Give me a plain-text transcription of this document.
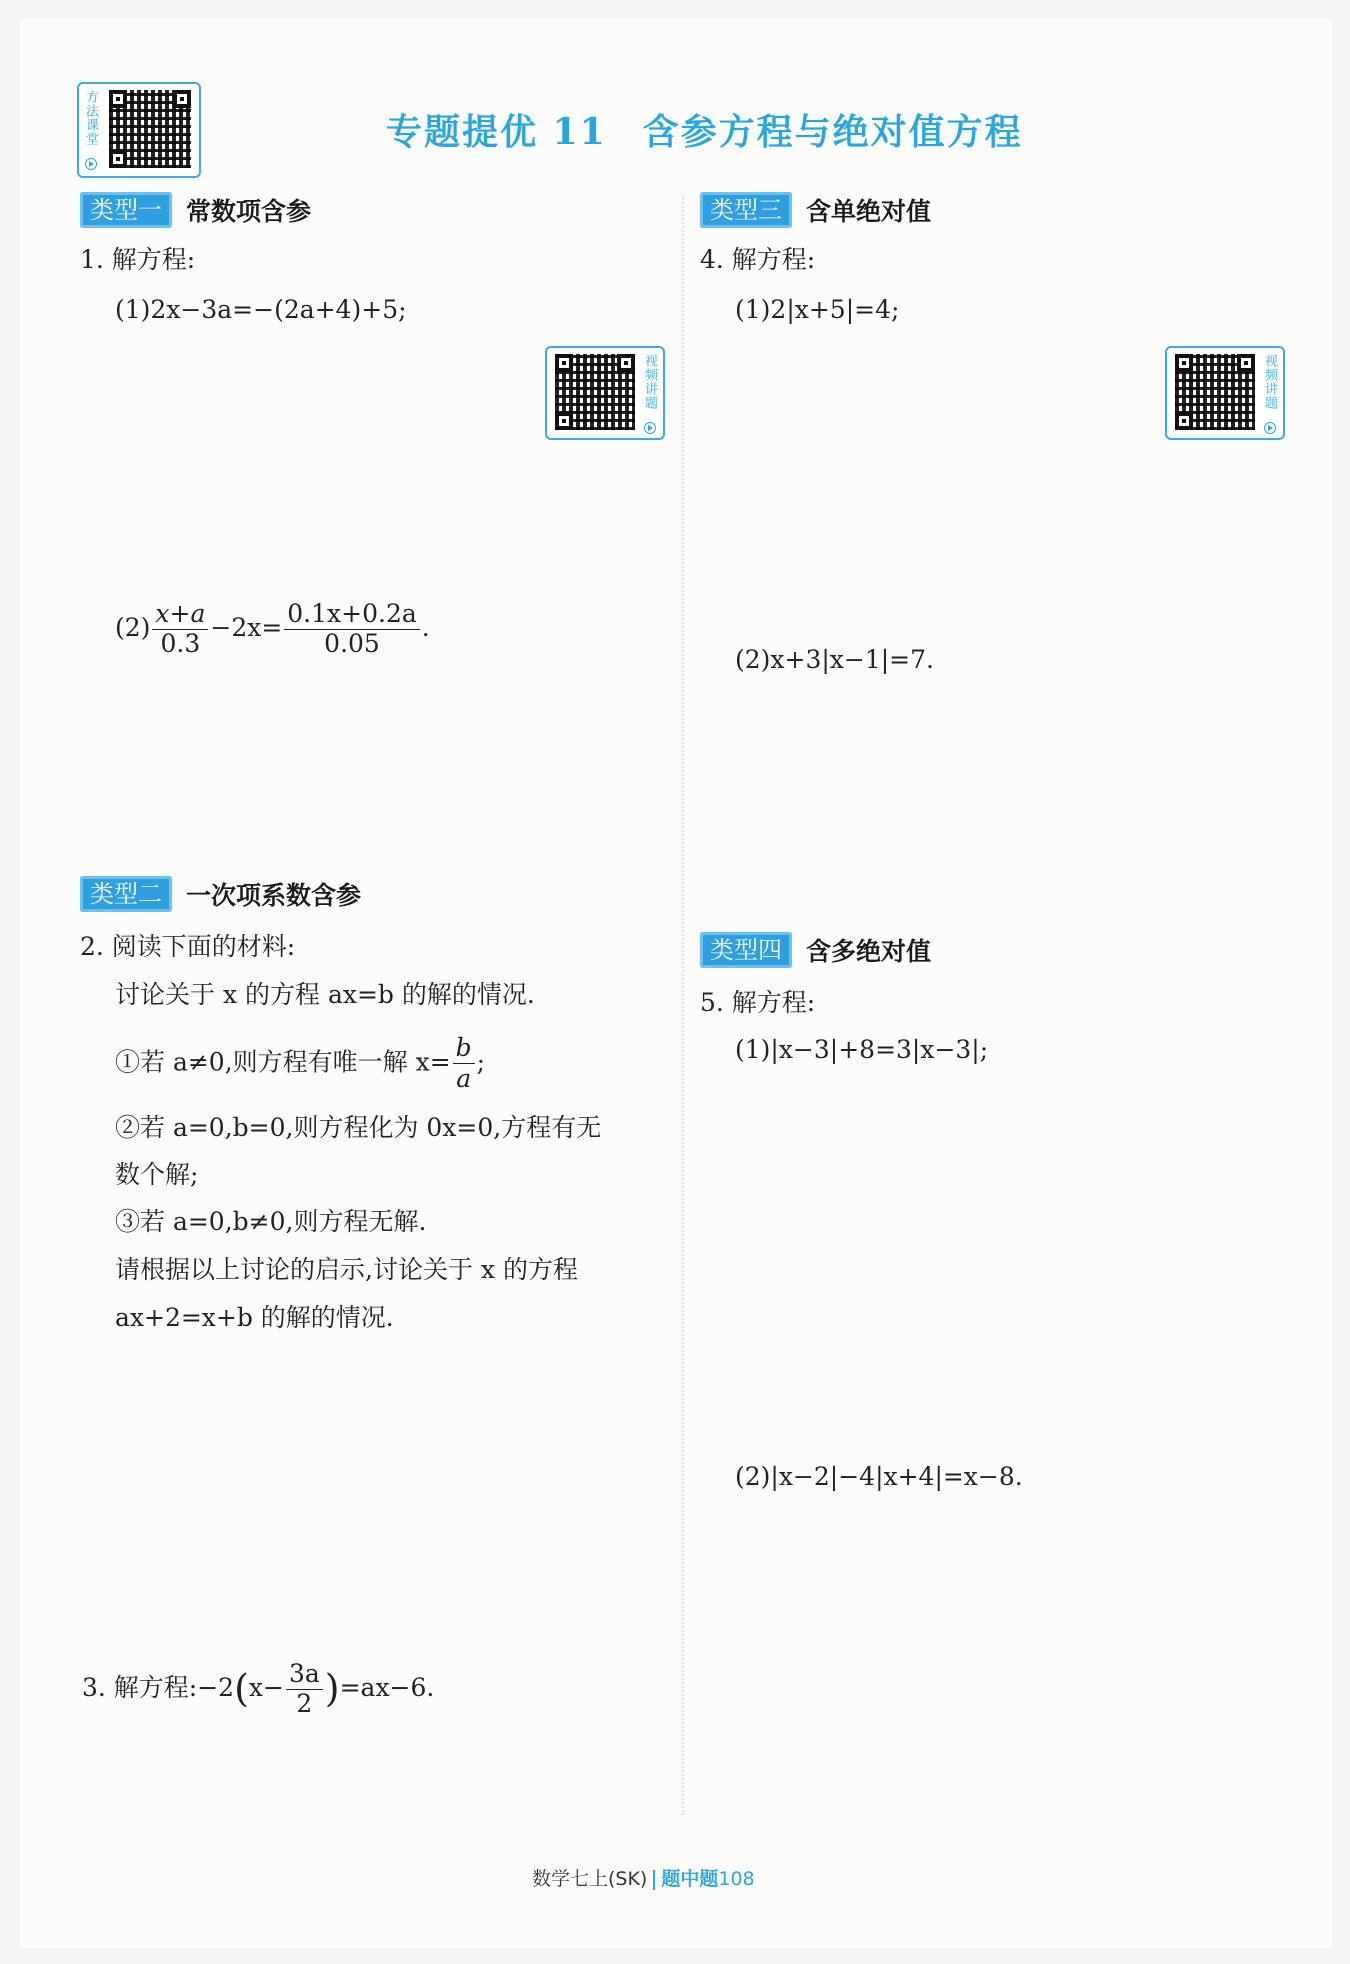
方法课堂	专题提优 11 含参方程与绝对值方程
类型一 常数项含参
1. 解方程:
(1)2x−3a=−(2a+4)+5;
视频讲题
$(2) \frac{x+a}{0.3} -2x= \frac{0.1x+0.2a}{0.05}$ .
类型二 一次项系数含参
2. 阅读下面的材料:
讨论关于 x 的方程 ax=b 的解的情况.
①若 a≠0,则方程有唯一解 $x= \frac{b}{a}$;
②若 a=0,b=0,则方程化为 0x=0,方程有无
数个解;
③若 a=0,b≠0,则方程无解.
请根据以上讨论的启示,讨论关于 x 的方程
ax+2=x+b 的解的情况.
3. 解方程:−2(x− $\frac{3a}{2} )=ax-6$.
类型三 含单绝对值
4. 解方程:
(1)2|x+5|=4;
视频讲题
(2)x+3|x−1|=7.
类型四 含多绝对值
5. 解方程:
(1)|x−3|+8=3|x−3|;
(2)|x−2|−4|x+4|=x−8.
数学七上(SK) 题中题108
